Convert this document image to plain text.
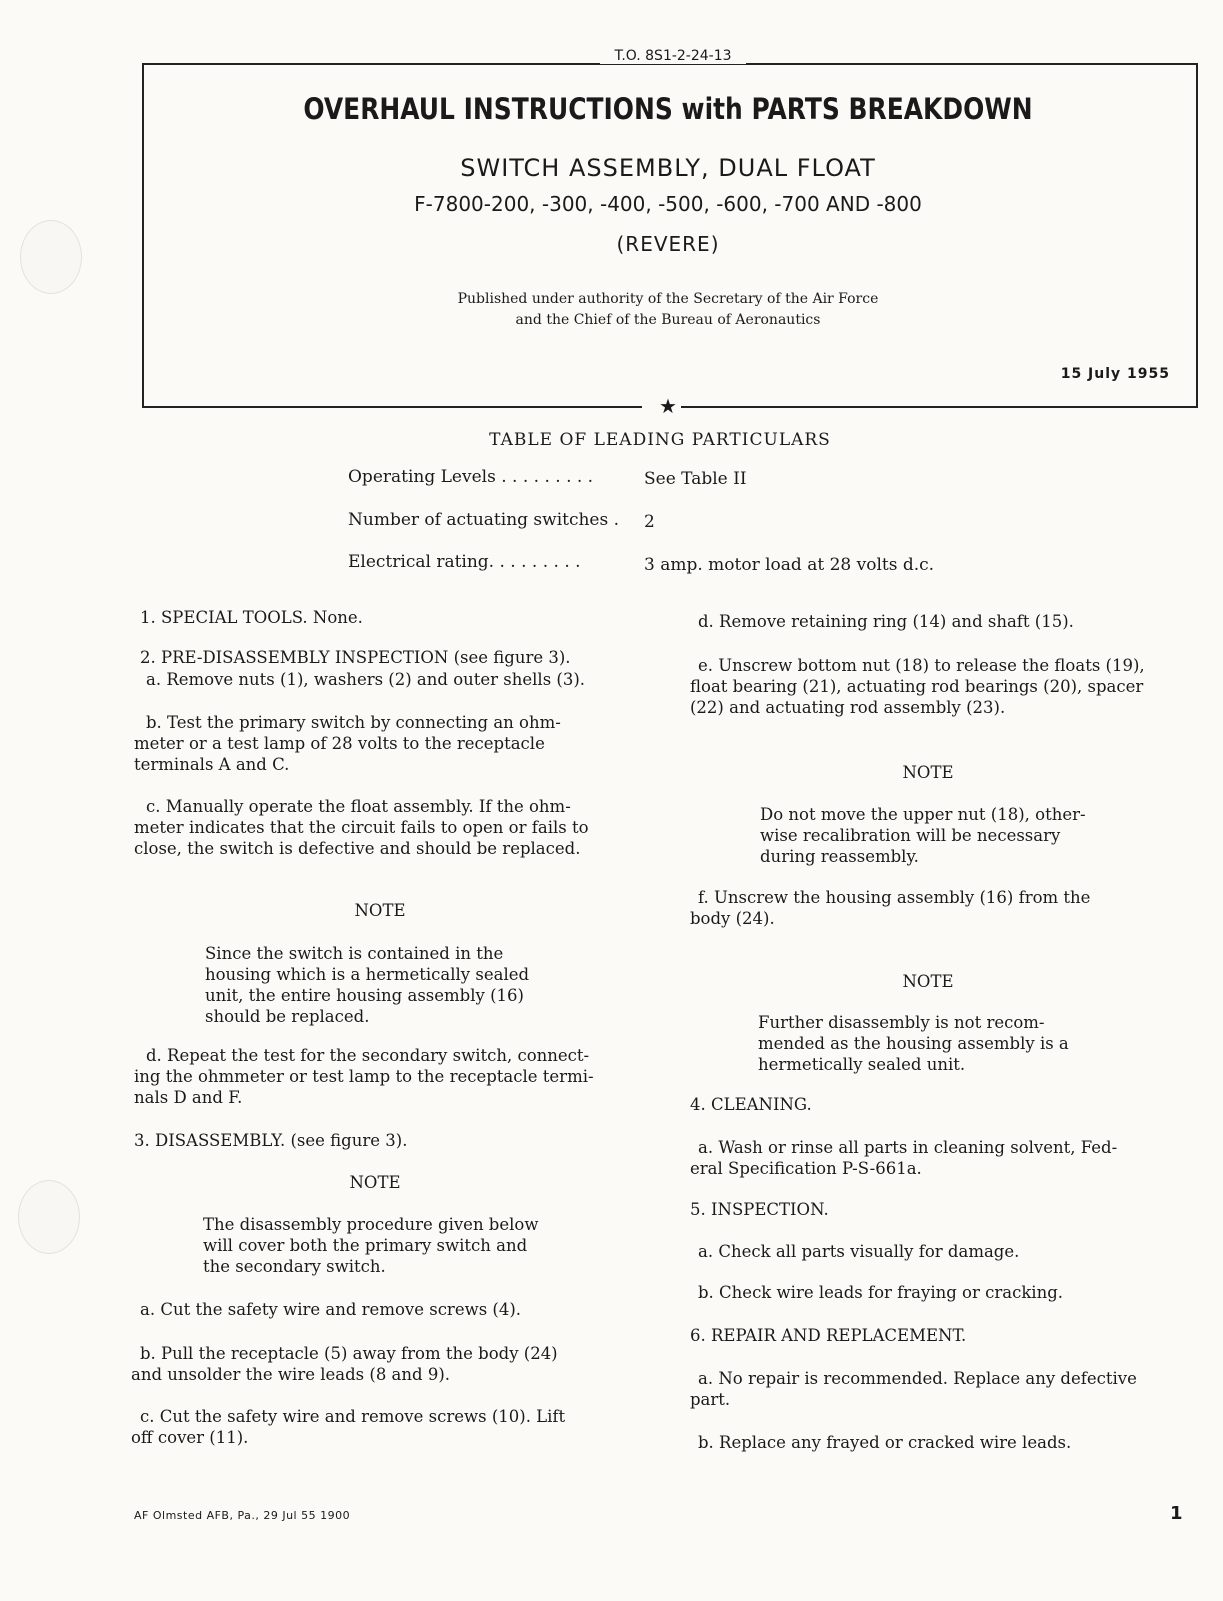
T.O. 8S1-2-24-13
OVERHAUL INSTRUCTIONS with PARTS BREAKDOWN
SWITCH ASSEMBLY, DUAL FLOAT
F-7800-200, -300, -400, -500, -600, -700 AND -800
(REVERE)
Published under authority of the Secretary of the Air Force
and the Chief of the Bureau of Aeronautics
15 July 1955
★
TABLE OF LEADING PARTICULARS
Operating Levels . . . . . . . . .	See Table II
Number of actuating switches . 2
Electrical rating. . . . . . . . .	3 amp. motor load at 28 volts d.c.
1. SPECIAL TOOLS. None.
2. PRE-DISASSEMBLY INSPECTION (see figure 3).
a. Remove nuts (1), washers (2) and outer shells (3).
b. Test the primary switch by connecting an ohm-
meter or a test lamp of 28 volts to the receptacle
terminals A and C.
c. Manually operate the float assembly. If the ohm-
meter indicates that the circuit fails to open or fails to
close, the switch is defective and should be replaced.
NOTE
Since the switch is contained in the
housing which is a hermetically sealed
unit, the entire housing assembly (16)
should be replaced.
d. Repeat the test for the secondary switch, connect-
ing the ohmmeter or test lamp to the receptacle termi-
nals D and F.
3. DISASSEMBLY. (see figure 3).
NOTE
The disassembly procedure given below
will cover both the primary switch and
the secondary switch.
a. Cut the safety wire and remove screws (4).
b. Pull the receptacle (5) away from the body (24)
and unsolder the wire leads (8 and 9).
c. Cut the safety wire and remove screws (10). Lift
off cover (11).
d. Remove retaining ring (14) and shaft (15).
e. Unscrew bottom nut (18) to release the floats (19),
float bearing (21), actuating rod bearings (20), spacer
(22) and actuating rod assembly (23).
NOTE
Do not move the upper nut (18), other-
wise recalibration will be necessary
during reassembly.
f. Unscrew the housing assembly (16) from the
body (24).
NOTE
Further disassembly is not recom-
mended as the housing assembly is a
hermetically sealed unit.
4. CLEANING.
a. Wash or rinse all parts in cleaning solvent, Fed-
eral Specification P-S-661a.
5. INSPECTION.
a. Check all parts visually for damage.
b. Check wire leads for fraying or cracking.
6. REPAIR AND REPLACEMENT.
a. No repair is recommended. Replace any defective
part.
b. Replace any frayed or cracked wire leads.
AF Olmsted AFB, Pa., 29 Jul 55 1900	1
